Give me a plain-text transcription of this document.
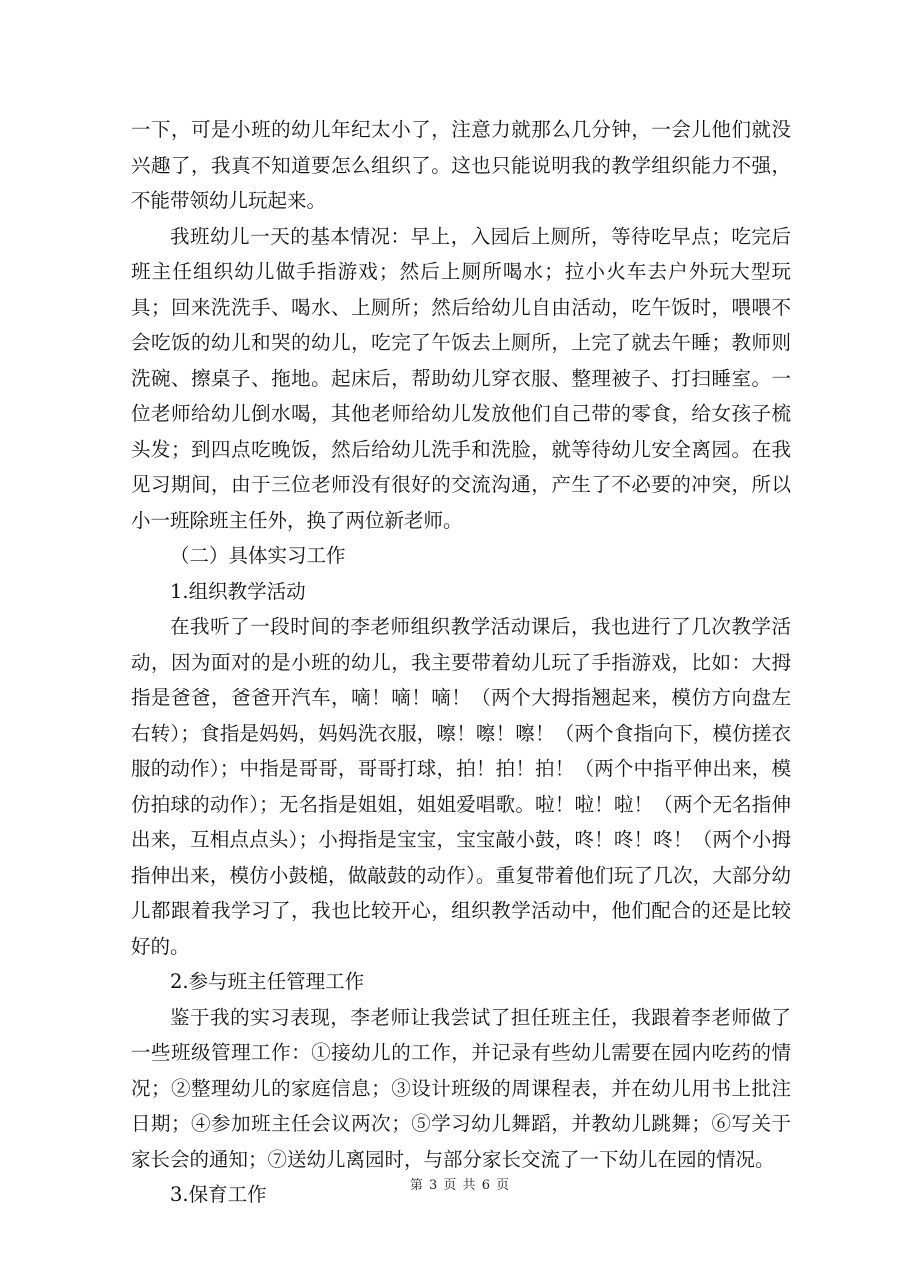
一下，可是小班的幼儿年纪太小了，注意力就那么几分钟，一会儿他们就没兴趣了，我真不知道要怎么组织了。这也只能说明我的教学组织能力不强，不能带领幼儿玩起来。

我班幼儿一天的基本情况：早上，入园后上厕所，等待吃早点；吃完后班主任组织幼儿做手指游戏；然后上厕所喝水；拉小火车去户外玩大型玩具；回来洗洗手、喝水、上厕所；然后给幼儿自由活动，吃午饭时，喂喂不会吃饭的幼儿和哭的幼儿，吃完了午饭去上厕所，上完了就去午睡；教师则洗碗、擦桌子、拖地。起床后，帮助幼儿穿衣服、整理被子、打扫睡室。一位老师给幼儿倒水喝，其他老师给幼儿发放他们自己带的零食，给女孩子梳头发；到四点吃晚饭，然后给幼儿洗手和洗脸，就等待幼儿安全离园。在我见习期间，由于三位老师没有很好的交流沟通，产生了不必要的冲突，所以小一班除班主任外，换了两位新老师。

（二）具体实习工作

1.组织教学活动

在我听了一段时间的李老师组织教学活动课后，我也进行了几次教学活动，因为面对的是小班的幼儿，我主要带着幼儿玩了手指游戏，比如：大拇指是爸爸，爸爸开汽车，嘀！嘀！嘀！（两个大拇指翘起来，模仿方向盘左右转）；食指是妈妈，妈妈洗衣服，嚓！嚓！嚓！（两个食指向下，模仿搓衣服的动作）；中指是哥哥，哥哥打球，拍！拍！拍！（两个中指平伸出来，模仿拍球的动作）；无名指是姐姐，姐姐爱唱歌。啦！啦！啦！（两个无名指伸出来，互相点点头）；小拇指是宝宝，宝宝敲小鼓，咚！咚！咚！（两个小拇指伸出来，模仿小鼓槌，做敲鼓的动作）。重复带着他们玩了几次，大部分幼儿都跟着我学习了，我也比较开心，组织教学活动中，他们配合的还是比较好的。

2.参与班主任管理工作

鉴于我的实习表现，李老师让我尝试了担任班主任，我跟着李老师做了一些班级管理工作：①接幼儿的工作，并记录有些幼儿需要在园内吃药的情况；②整理幼儿的家庭信息；③设计班级的周课程表，并在幼儿用书上批注日期；④参加班主任会议两次；⑤学习幼儿舞蹈，并教幼儿跳舞；⑥写关于家长会的通知；⑦送幼儿离园时，与部分家长交流了一下幼儿在园的情况。

3.保育工作	第 3 页 共 6 页
